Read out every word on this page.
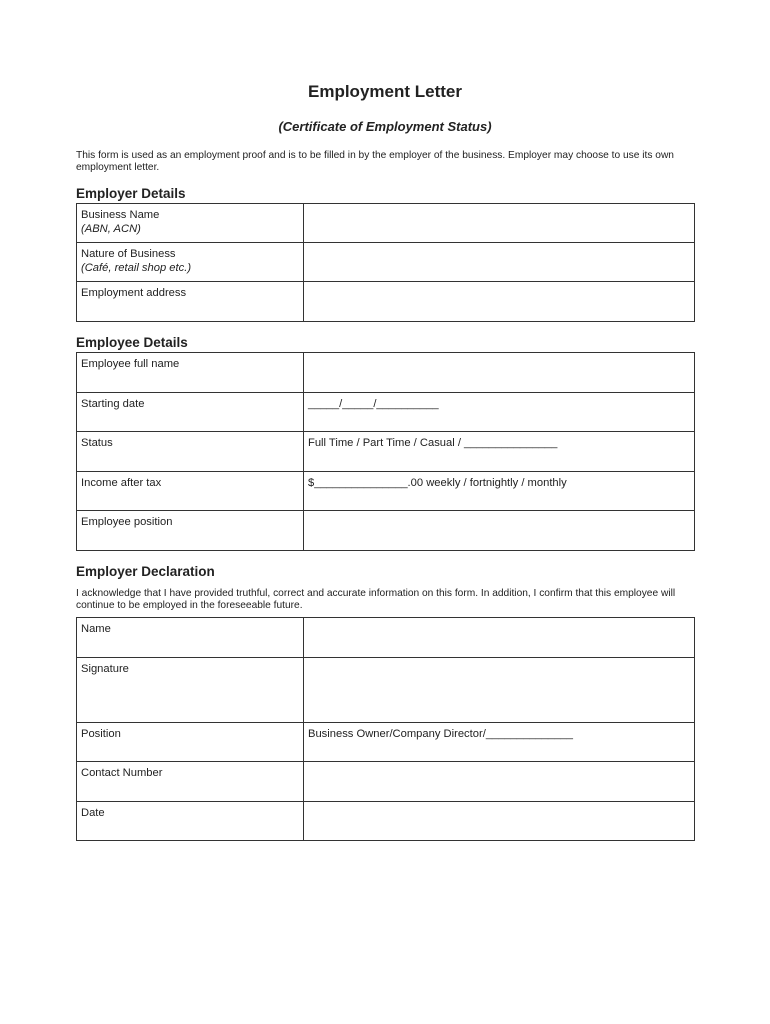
Employment Letter
(Certificate of Employment Status)
This form is used as an employment proof and is to be filled in by the employer of the business. Employer may choose to use its own employment letter.
Employer Details
Business Name
(ABN, ACN)	

Nature of Business
(Café, retail shop etc.)	

Employment address	

Employee Details
Employee full name	
Starting date	_____/_____/__________
Status	Full Time / Part Time / Casual / _______________
Income after tax	$_______________.00 weekly / fortnightly / monthly
Employee position	
Employer Declaration
I acknowledge that I have provided truthful, correct and accurate information on this form. In addition, I confirm that this employee will continue to be employed in the foreseeable future.
Name	
Signature	
Position	Business Owner/Company Director/______________
Contact Number	
Date	
